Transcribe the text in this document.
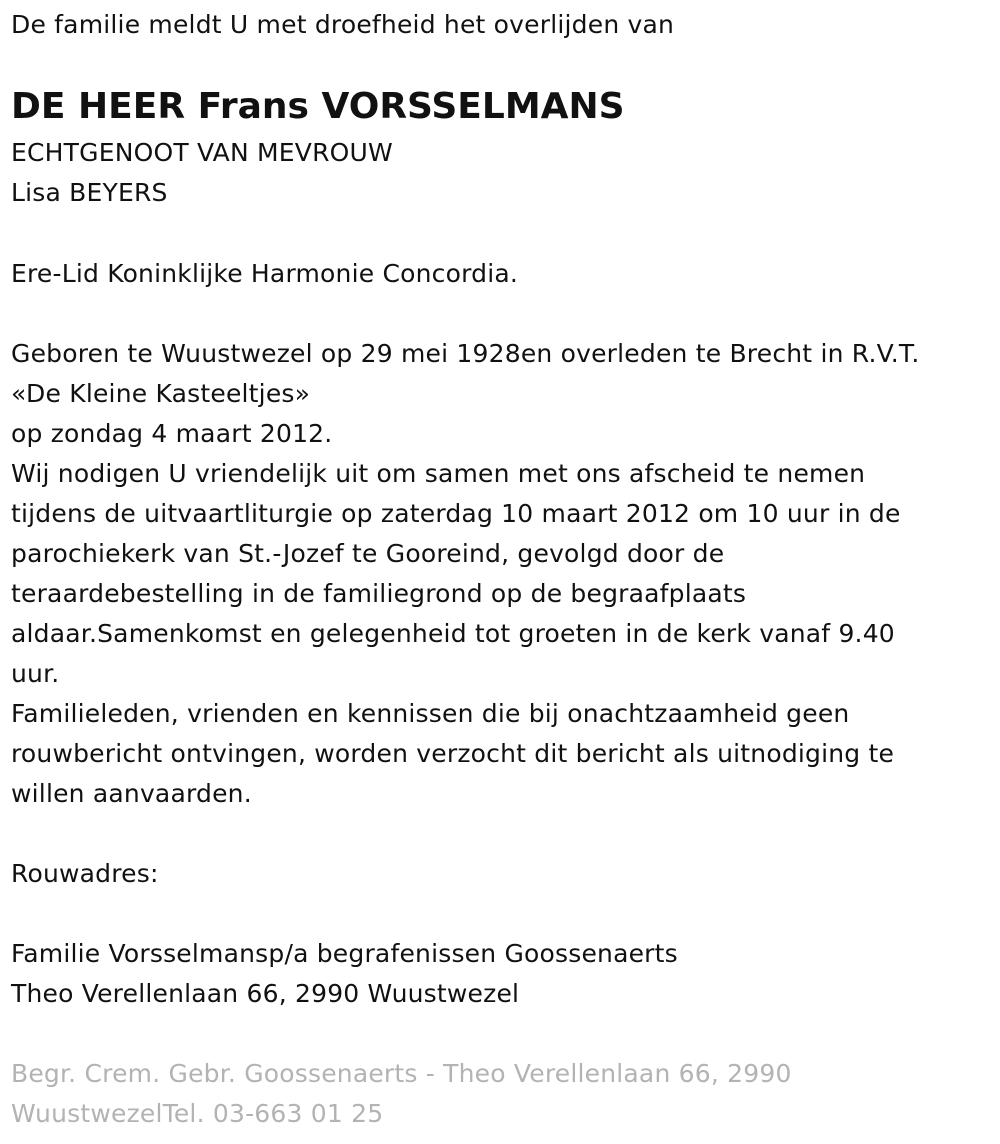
De familie meldt U met droefheid het overlijden van
DE HEER Frans VORSSELMANS
ECHTGENOOT VAN MEVROUW
Lisa BEYERS
Ere-Lid Koninklijke Harmonie Concordia.
Geboren te Wuustwezel op 29 mei 1928en overleden te Brecht in R.V.T.
«De Kleine Kasteeltjes»
op zondag 4 maart 2012.
Wij nodigen U vriendelijk uit om samen met ons afscheid te nemen
tijdens de uitvaartliturgie op zaterdag 10 maart 2012 om 10 uur in de
parochiekerk van St.-Jozef te Gooreind, gevolgd door de
teraardebestelling in de familiegrond op de begraafplaats
aldaar.Samenkomst en gelegenheid tot groeten in de kerk vanaf 9.40
uur.
Familieleden, vrienden en kennissen die bij onachtzaamheid geen
rouwbericht ontvingen, worden verzocht dit bericht als uitnodiging te
willen aanvaarden.
Rouwadres:
Familie Vorsselmansp/a begrafenissen Goossenaerts
Theo Verellenlaan 66, 2990 Wuustwezel
Begr. Crem. Gebr. Goossenaerts - Theo Verellenlaan 66, 2990
WuustwezelTel. 03-663 01 25
